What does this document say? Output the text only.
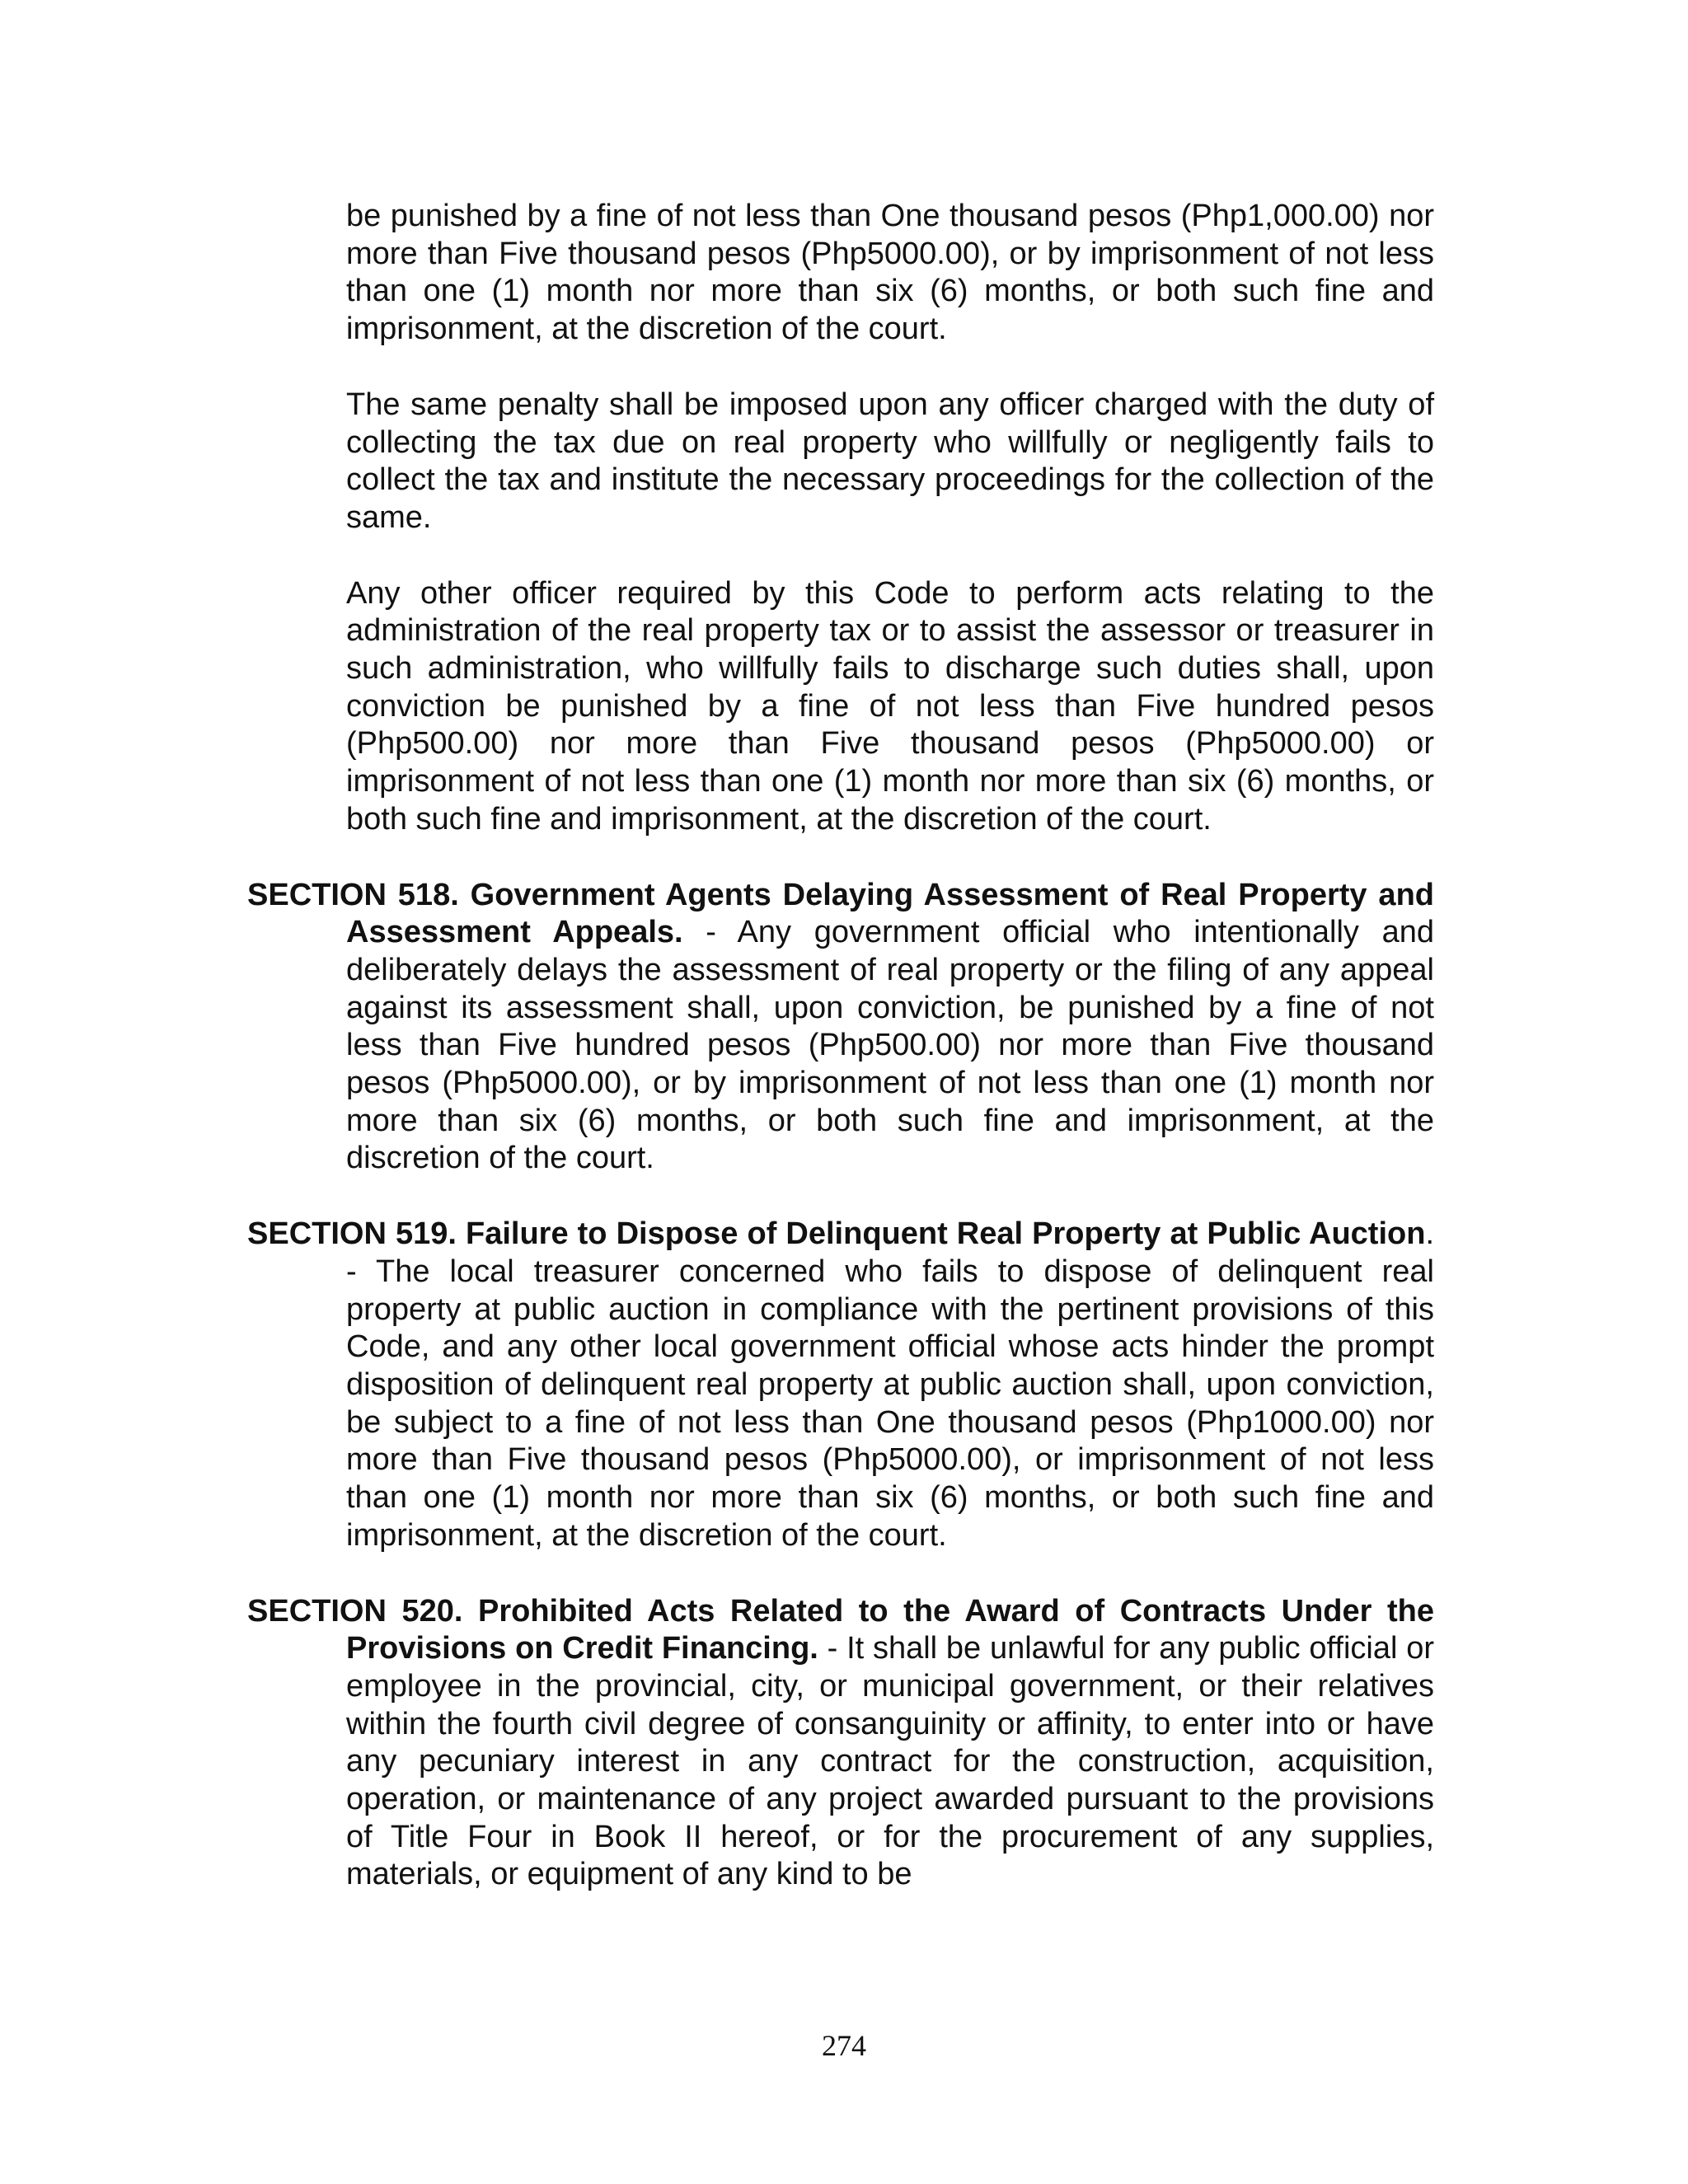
be punished by a fine of not less than One thousand pesos (Php1,000.00) nor more than Five thousand pesos (Php5000.00), or by imprisonment of not less than one (1) month nor more than six (6) months, or both such fine and imprisonment, at the discretion of the court.

The same penalty shall be imposed upon any officer charged with the duty of collecting the tax due on real property who willfully or negligently fails to collect the tax and institute the necessary proceedings for the collection of the same.

Any other officer required by this Code to perform acts relating to the administration of the real property tax or to assist the assessor or treasurer in such administration, who willfully fails to discharge such duties shall, upon conviction be punished by a fine of not less than Five hundred pesos (Php500.00) nor more than Five thousand pesos (Php5000.00) or imprisonment of not less than one (1) month nor more than six (6) months, or both such fine and imprisonment, at the discretion of the court.

SECTION 518. Government Agents Delaying Assessment of Real Property and Assessment Appeals. - Any government official who intentionally and deliberately delays the assessment of real property or the filing of any appeal against its assessment shall, upon conviction, be punished by a fine of not less than Five hundred pesos (Php500.00) nor more than Five thousand pesos (Php5000.00), or by imprisonment of not less than one (1) month nor more than six (6) months, or both such fine and imprisonment, at the discretion of the court.

SECTION 519. Failure to Dispose of Delinquent Real Property at Public Auction. - The local treasurer concerned who fails to dispose of delinquent real property at public auction in compliance with the pertinent provisions of this Code, and any other local government official whose acts hinder the prompt disposition of delinquent real property at public auction shall, upon conviction, be subject to a fine of not less than One thousand pesos (Php1000.00) nor more than Five thousand pesos (Php5000.00), or imprisonment of not less than one (1) month nor more than six (6) months, or both such fine and imprisonment, at the discretion of the court.

SECTION 520. Prohibited Acts Related to the Award of Contracts Under the Provisions on Credit Financing. - It shall be unlawful for any public official or employee in the provincial, city, or municipal government, or their relatives within the fourth civil degree of consanguinity or affinity, to enter into or have any pecuniary interest in any contract for the construction, acquisition, operation, or maintenance of any project awarded pursuant to the provisions of Title Four in Book II hereof, or for the procurement of any supplies, materials, or equipment of any kind to be

274
